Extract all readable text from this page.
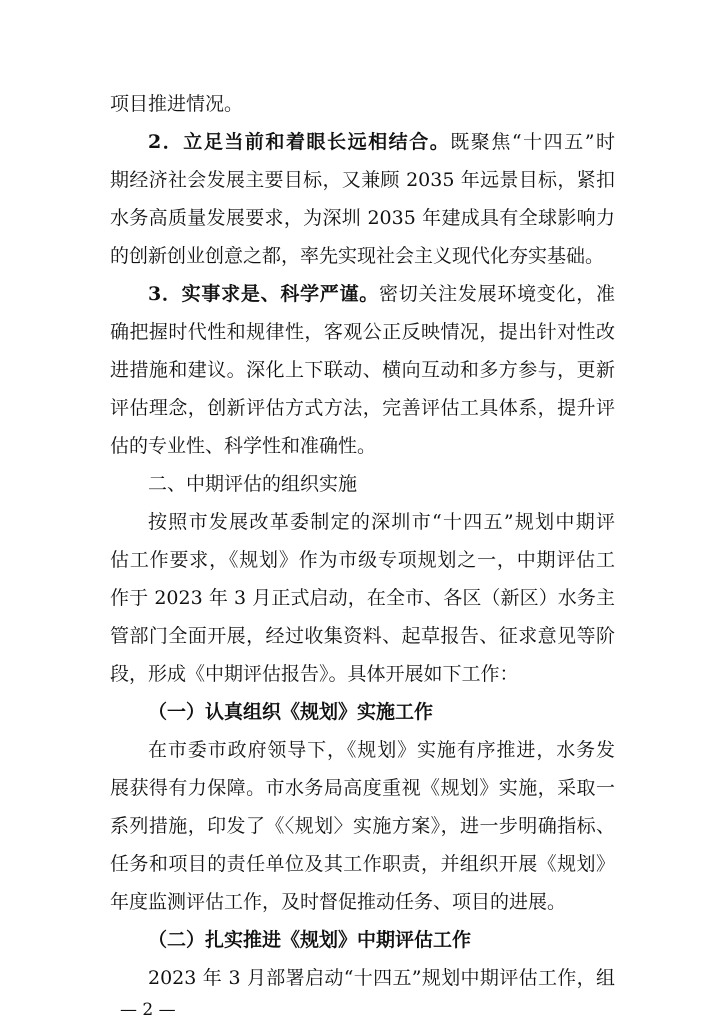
项目推进情况。
2．立足当前和着眼长远相结合。既聚焦“十四五”时
期经济社会发展主要目标，又兼顾 2035 年远景目标，紧扣
水务高质量发展要求，为深圳 2035 年建成具有全球影响力
的创新创业创意之都，率先实现社会主义现代化夯实基础。
3．实事求是、科学严谨。密切关注发展环境变化，准
确把握时代性和规律性，客观公正反映情况，提出针对性改
进措施和建议。深化上下联动、横向互动和多方参与，更新
评估理念，创新评估方式方法，完善评估工具体系，提升评
估的专业性、科学性和准确性。
二、中期评估的组织实施
按照市发展改革委制定的深圳市“十四五”规划中期评
估工作要求，《规划》作为市级专项规划之一，中期评估工
作于 2023 年 3 月正式启动，在全市、各区（新区）水务主
管部门全面开展，经过收集资料、起草报告、征求意见等阶
段，形成《中期评估报告》。具体开展如下工作：
（一）认真组织《规划》实施工作
在市委市政府领导下，《规划》实施有序推进，水务发
展获得有力保障。市水务局高度重视《规划》实施，采取一
系列措施，印发了《〈规划〉实施方案》，进一步明确指标、
任务和项目的责任单位及其工作职责，并组织开展《规划》
年度监测评估工作，及时督促推动任务、项目的进展。
（二）扎实推进《规划》中期评估工作
2023 年 3 月部署启动“十四五”规划中期评估工作，组
— 2 —
